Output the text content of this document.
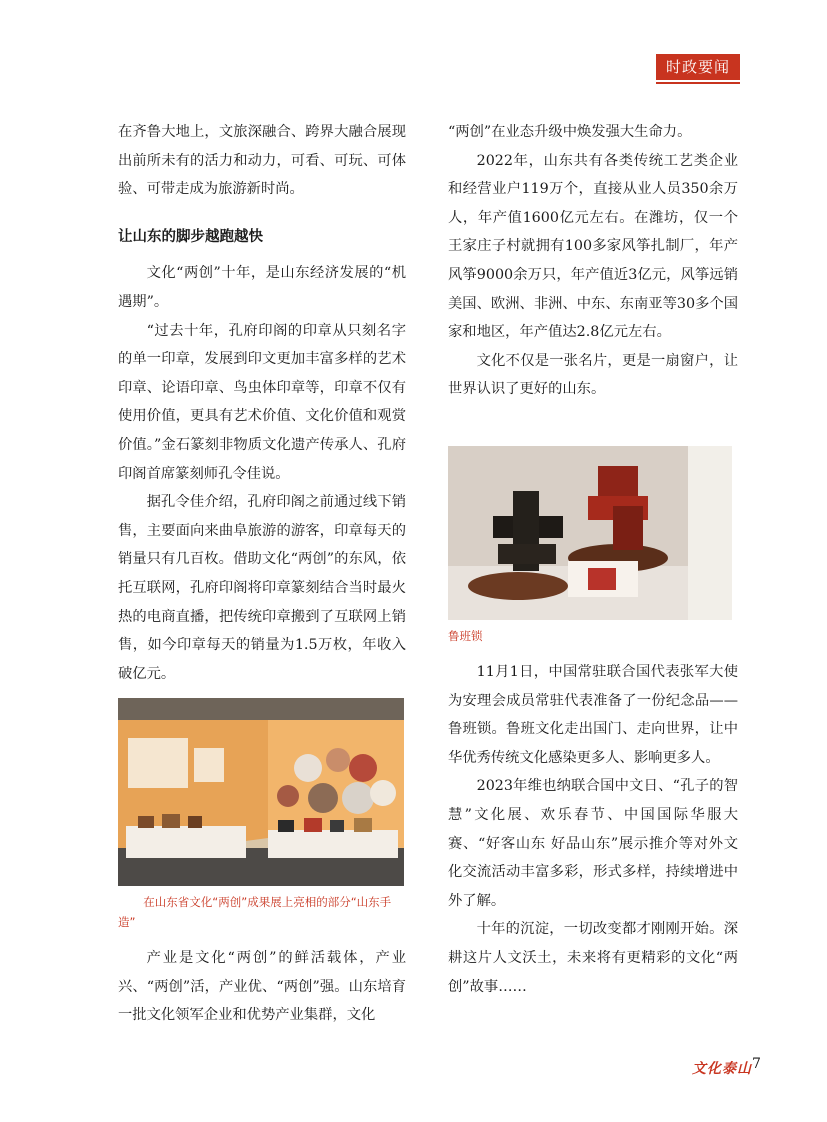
时政要闻

在齐鲁大地上，文旅深融合、跨界大融合展现出前所未有的活力和动力，可看、可玩、可体验、可带走成为旅游新时尚。

让山东的脚步越跑越快

文化“两创”十年，是山东经济发展的“机遇期”。

“过去十年，孔府印阁的印章从只刻名字的单一印章，发展到印文更加丰富多样的艺术印章、论语印章、鸟虫体印章等，印章不仅有使用价值，更具有艺术价值、文化价值和观赏价值。”金石篆刻非物质文化遗产传承人、孔府印阁首席篆刻师孔令佳说。

据孔令佳介绍，孔府印阁之前通过线下销售，主要面向来曲阜旅游的游客，印章每天的销量只有几百枚。借助文化“两创”的东风，依托互联网，孔府印阁将印章篆刻结合当时最火热的电商直播，把传统印章搬到了互联网上销售，如今印章每天的销量为1.5万枚，年收入破亿元。

在山东省文化“两创”成果展上亮相的部分“山东手造”

产业是文化“两创”的鲜活载体，产业兴、“两创”活，产业优、“两创”强。山东培育一批文化领军企业和优势产业集群，文化

“两创”在业态升级中焕发强大生命力。

2022年，山东共有各类传统工艺类企业和经营业户119万个，直接从业人员350余万人，年产值1600亿元左右。在潍坊，仅一个王家庄子村就拥有100多家风筝扎制厂，年产风筝9000余万只，年产值近3亿元，风筝远销美国、欧洲、非洲、中东、东南亚等30多个国家和地区，年产值达2.8亿元左右。

文化不仅是一张名片，更是一扇窗户，让世界认识了更好的山东。

鲁班锁

11月1日，中国常驻联合国代表张军大使为安理会成员常驻代表准备了一份纪念品——鲁班锁。鲁班文化走出国门、走向世界，让中华优秀传统文化感染更多人、影响更多人。

2023年维也纳联合国中文日、“孔子的智慧”文化展、欢乐春节、中国国际华服大赛、“好客山东 好品山东”展示推介等对外文化交流活动丰富多彩，形式多样，持续增进中外了解。

十年的沉淀，一切改变都才刚刚开始。深耕这片人文沃土，未来将有更精彩的文化“两创”故事……

文化泰山 7
